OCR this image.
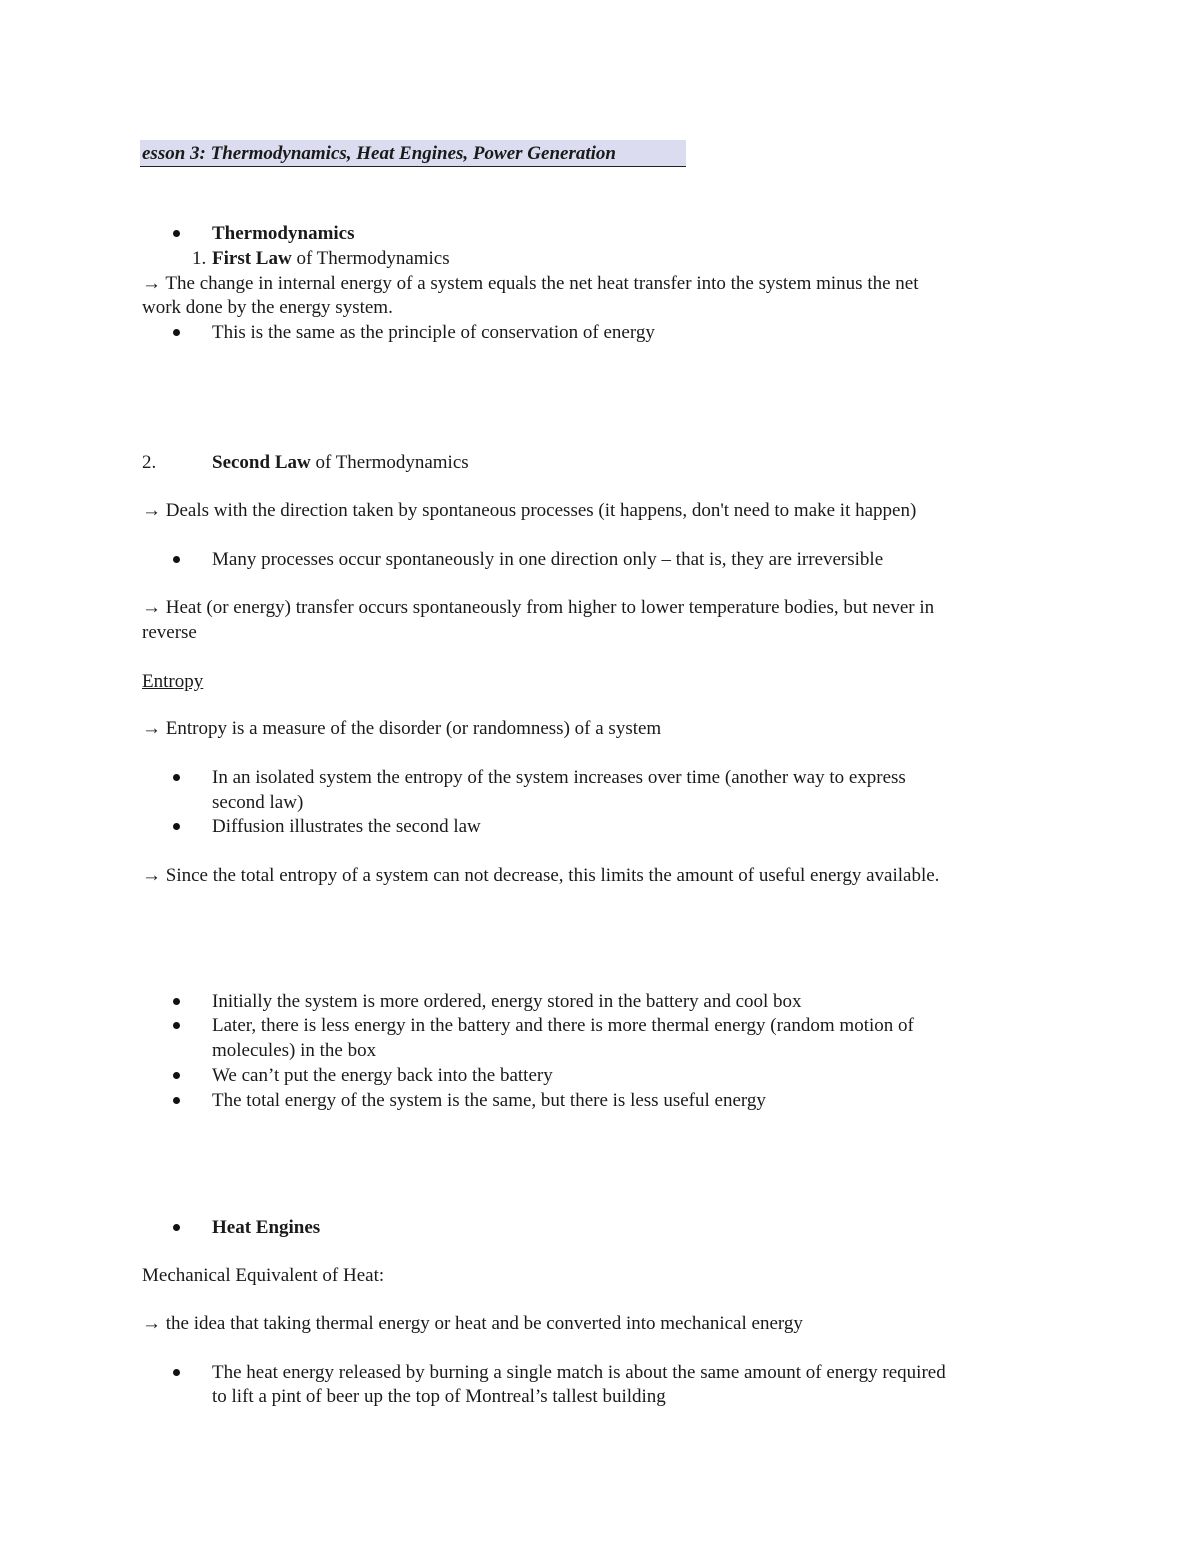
esson 3: Thermodynamics, Heat Engines, Power Generation
Thermodynamics
1. First Law of Thermodynamics
→ The change in internal energy of a system equals the net heat transfer into the system minus the net
work done by the energy system.
This is the same as the principle of conservation of energy
2.	Second Law of Thermodynamics
→ Deals with the direction taken by spontaneous processes (it happens, don't need to make it happen)
Many processes occur spontaneously in one direction only – that is, they are irreversible
→ Heat (or energy) transfer occurs spontaneously from higher to lower temperature bodies, but never in
reverse
Entropy
→ Entropy is a measure of the disorder (or randomness) of a system
In an isolated system the entropy of the system increases over time (another way to express
second law)
Diffusion illustrates the second law
→ Since the total entropy of a system can not decrease, this limits the amount of useful energy available.
Initially the system is more ordered, energy stored in the battery and cool box
Later, there is less energy in the battery and there is more thermal energy (random motion of
molecules) in the box
We can’t put the energy back into the battery
The total energy of the system is the same, but there is less useful energy
Heat Engines
Mechanical Equivalent of Heat:
→ the idea that taking thermal energy or heat and be converted into mechanical energy
The heat energy released by burning a single match is about the same amount of energy required
to lift a pint of beer up the top of Montreal’s tallest building
